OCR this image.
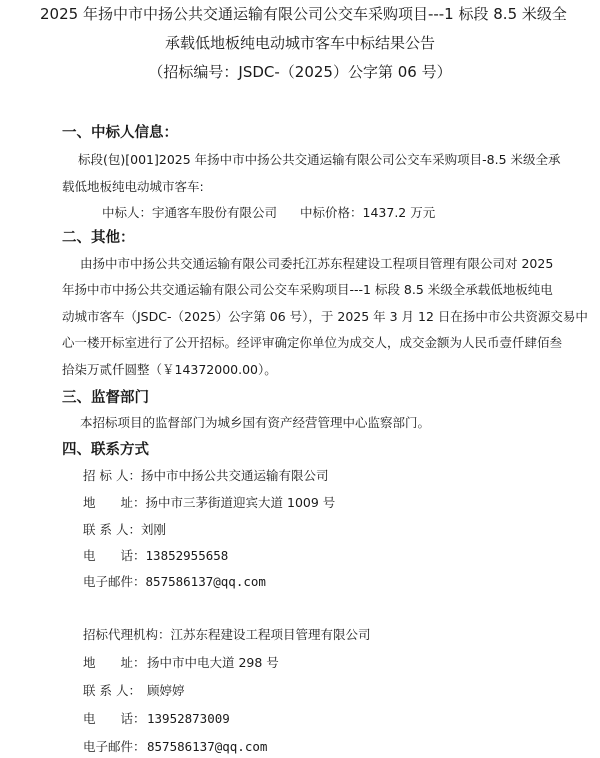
2025 年扬中市中扬公共交通运输有限公司公交车采购项目---1 标段 8.5 米级全
承载低地板纯电动城市客车中标结果公告
（招标编号：JSDC-（2025）公字第 06 号）
一、中标人信息：
标段(包)[001]2025 年扬中市中扬公共交通运输有限公司公交车采购项目-8.5 米级全承
载低地板纯电动城市客车:
中标人：宇通客车股份有限公司 中标价格：1437.2 万元
二、其他：
由扬中市中扬公共交通运输有限公司委托江苏东程建设工程项目管理有限公司对 2025
年扬中市中扬公共交通运输有限公司公交车采购项目---1 标段 8.5 米级全承载低地板纯电
动城市客车（JSDC-（2025）公字第 06 号），于 2025 年 3 月 12 日在扬中市公共资源交易中
心一楼开标室进行了公开招标。经评审确定你单位为成交人，成交金额为人民币壹仟肆佰叁
拾柒万贰仟圆整（￥14372000.00）。
三、监督部门
本招标项目的监督部门为城乡国有资产经营管理中心监察部门。
四、联系方式
招 标 人：扬中市中扬公共交通运输有限公司
地　　址：扬中市三茅街道迎宾大道 1009 号
联 系 人：刘刚
电　　话：13852955658
电子邮件：857586137@qq.com
招标代理机构：江苏东程建设工程项目管理有限公司
地　　址：扬中市中电大道 298 号
联 系 人： 顾婷婷
电　　话：13952873009
电子邮件：857586137@qq.com
